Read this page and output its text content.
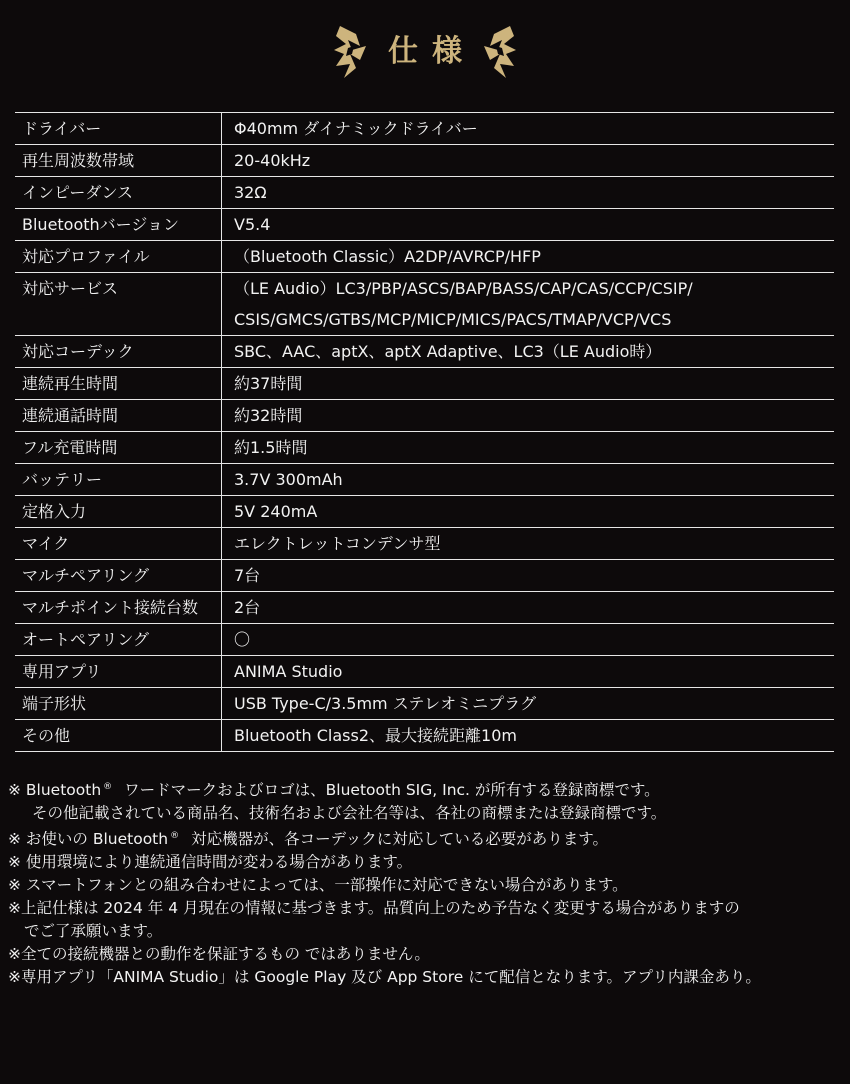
仕様
ドライバー	Φ40mm ダイナミックドライバー
再生周波数帯域	20-40kHz
インピーダンス	32Ω
Bluetoothバージョン	V5.4
対応プロファイル	（Bluetooth Classic）A2DP/AVRCP/HFP
対応サービス	（LE Audio）LC3/PBP/ASCS/BAP/BASS/CAP/CAS/CCP/CSIP/
CSIS/GMCS/GTBS/MCP/MICP/MICS/PACS/TMAP/VCP/VCS

対応コーデック	SBC、AAC、aptX、aptX Adaptive、LC3（LE Audio時）
連続再生時間	約37時間
連続通話時間	約32時間
フル充電時間	約1.5時間
バッテリー	3.7V 300mAh
定格入力	5V 240mA
マイク	エレクトレットコンデンサ型
マルチペアリング	7台
マルチポイント接続台数	2台
オートペアリング	〇
専用アプリ	ANIMA Studio
端子形状	USB Type-C/3.5mm ステレオミニプラグ
その他	Bluetooth Class2、最大接続距離10m
※ Bluetooth ® ワードマークおよびロゴは、Bluetooth SIG, Inc. が所有する登録商標です。
その他記載されている商品名、技術名および会社名等は、各社の商標または登録商標です。
※ お使いの Bluetooth ® 対応機器が、各コーデックに対応している必要があります。
※ 使用環境により連続通信時間が変わる場合があります。
※ スマートフォンとの組み合わせによっては、一部操作に対応できない場合があります。
※上記仕様は 2024 年 4 月現在の情報に基づきます。品質向上のため予告なく変更する場合がありますの
でご了承願います。
※全ての接続機器との動作を保証するもの ではありません。
※専用アプリ「ANIMA Studio」は Google Play 及び App Store にて配信となります。アプリ内課金あり。
